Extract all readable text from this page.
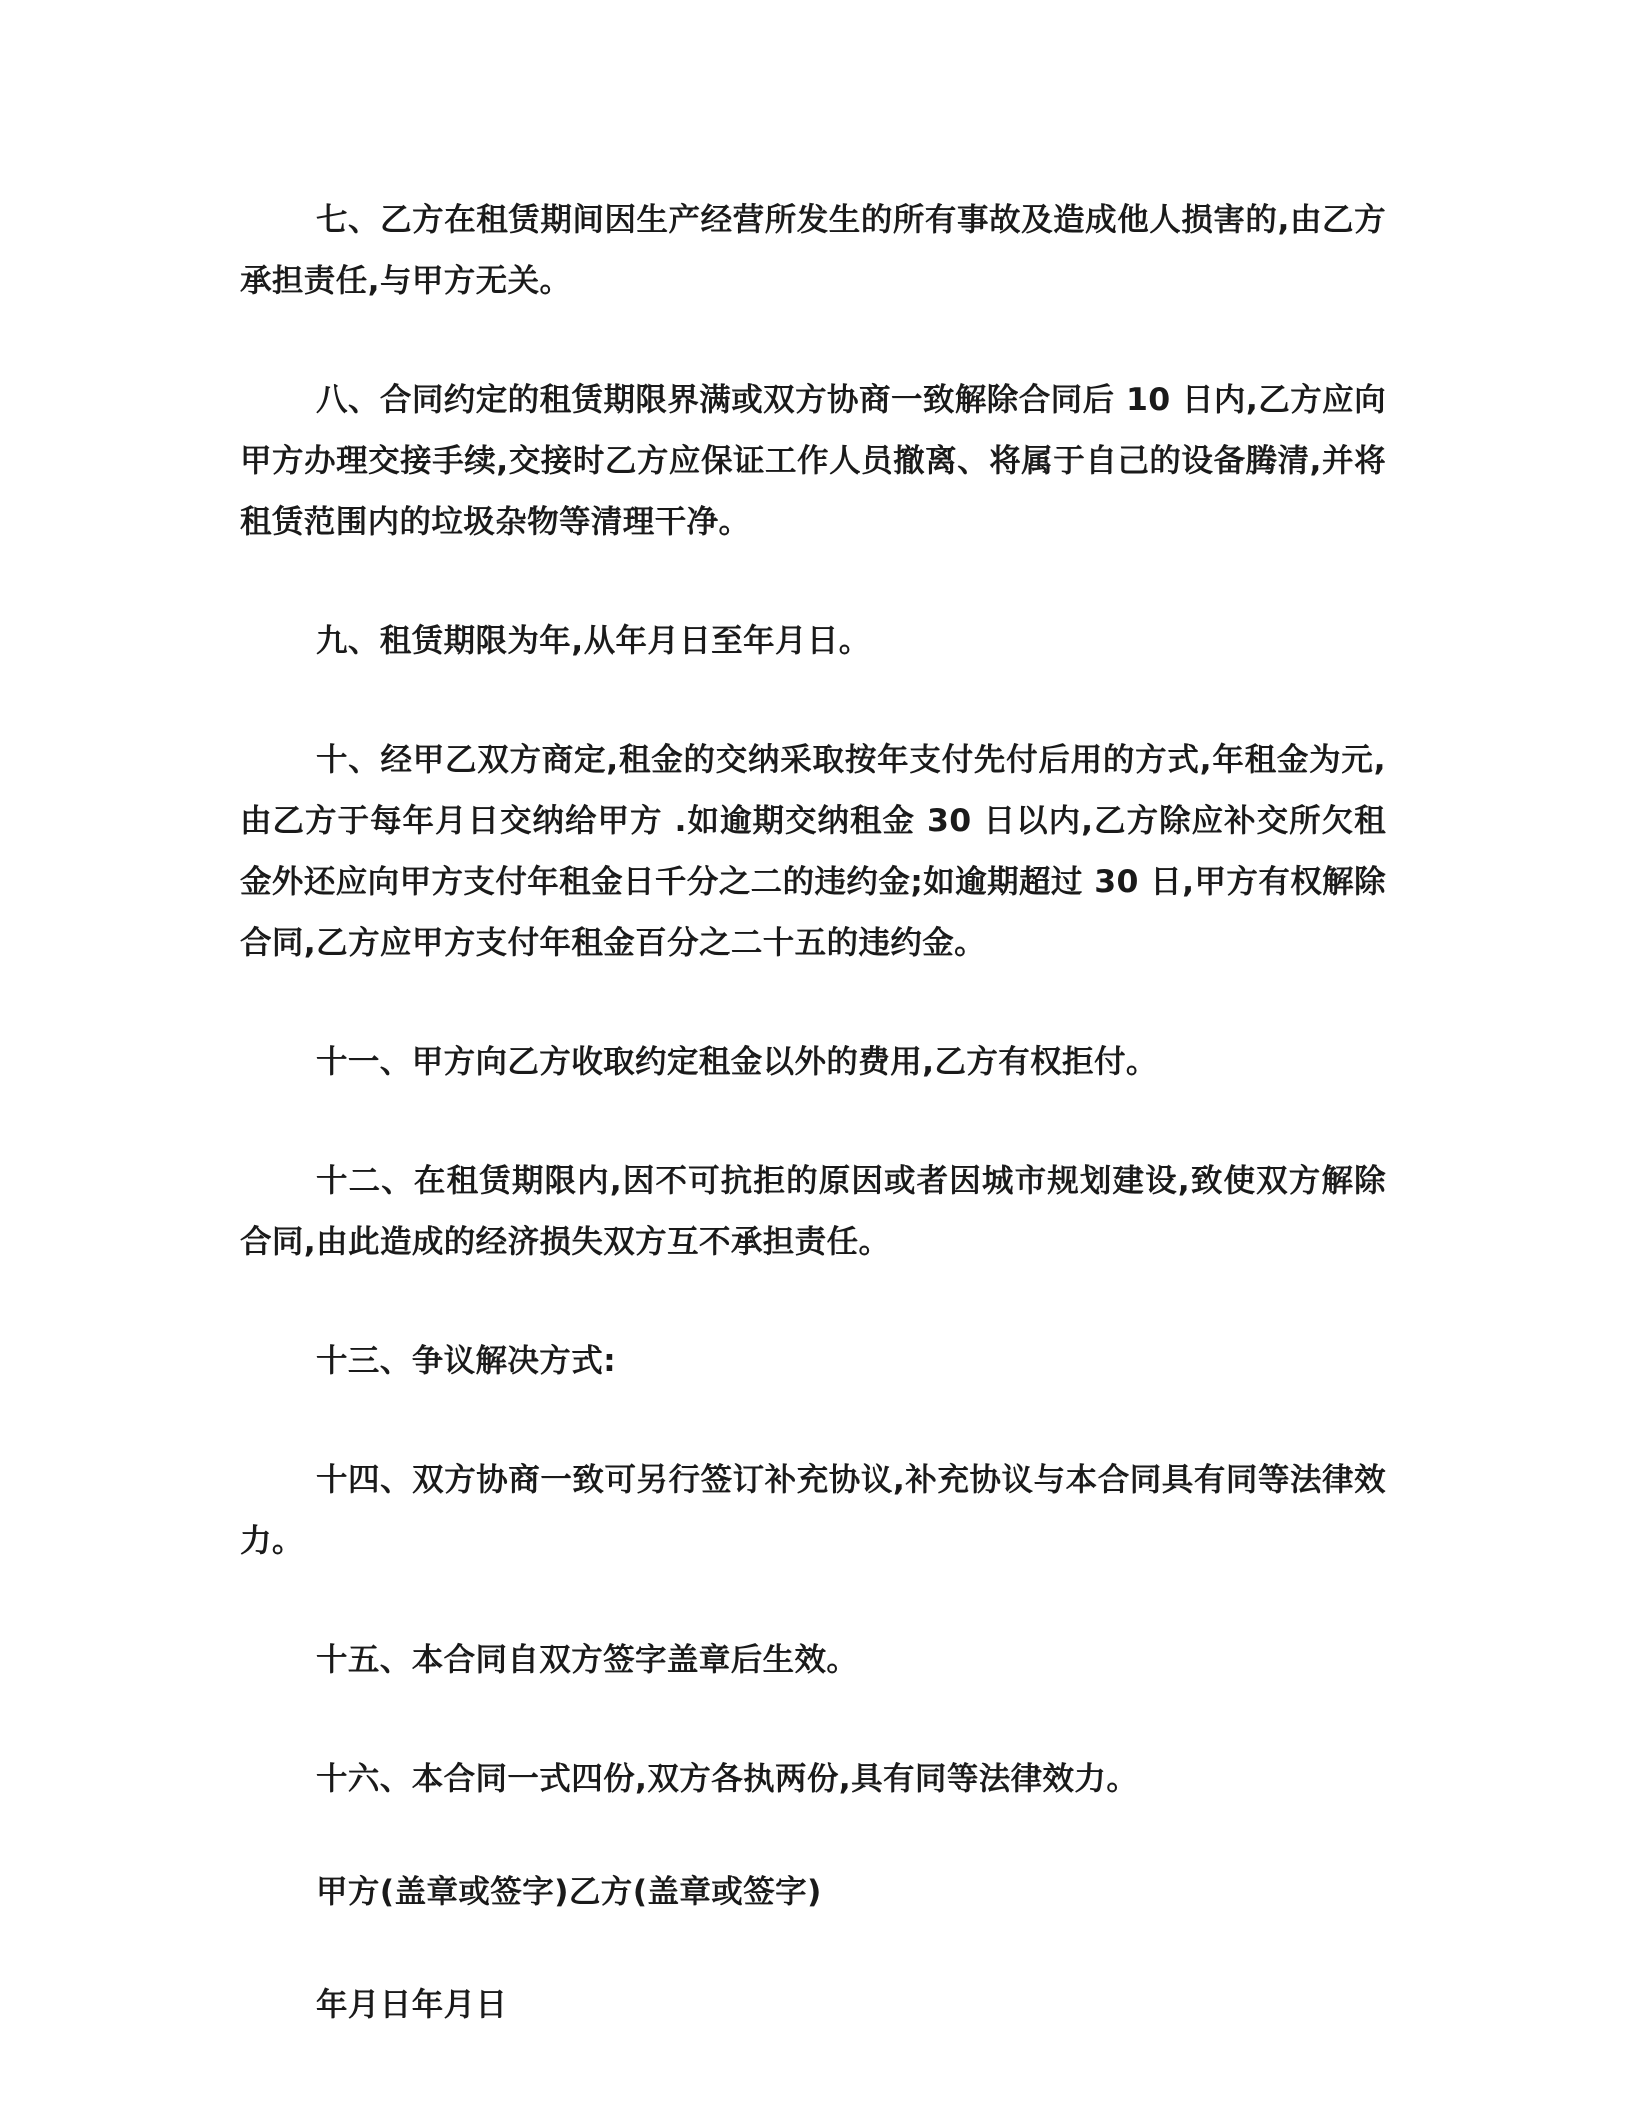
七、乙方在租赁期间因生产经营所发生的所有事故及造成他人损害的,由乙方承担责任,与甲方无关。

八、合同约定的租赁期限界满或双方协商一致解除合同后 10 日内,乙方应向甲方办理交接手续,交接时乙方应保证工作人员撤离、将属于自己的设备腾清,并将租赁范围内的垃圾杂物等清理干净。

九、租赁期限为年,从年月日至年月日。

十、经甲乙双方商定,租金的交纳采取按年支付先付后用的方式,年租金为元,由乙方于每年月日交纳给甲方 .如逾期交纳租金 30 日以内,乙方除应补交所欠租金外还应向甲方支付年租金日千分之二的违约金;如逾期超过 30 日,甲方有权解除合同,乙方应甲方支付年租金百分之二十五的违约金。

十一、甲方向乙方收取约定租金以外的费用,乙方有权拒付。

十二、在租赁期限内,因不可抗拒的原因或者因城市规划建设,致使双方解除合同,由此造成的经济损失双方互不承担责任。

十三、争议解决方式:

十四、双方协商一致可另行签订补充协议,补充协议与本合同具有同等法律效力。

十五、本合同自双方签字盖章后生效。

十六、本合同一式四份,双方各执两份,具有同等法律效力。

甲方(盖章或签字)乙方(盖章或签字)

年月日年月日
